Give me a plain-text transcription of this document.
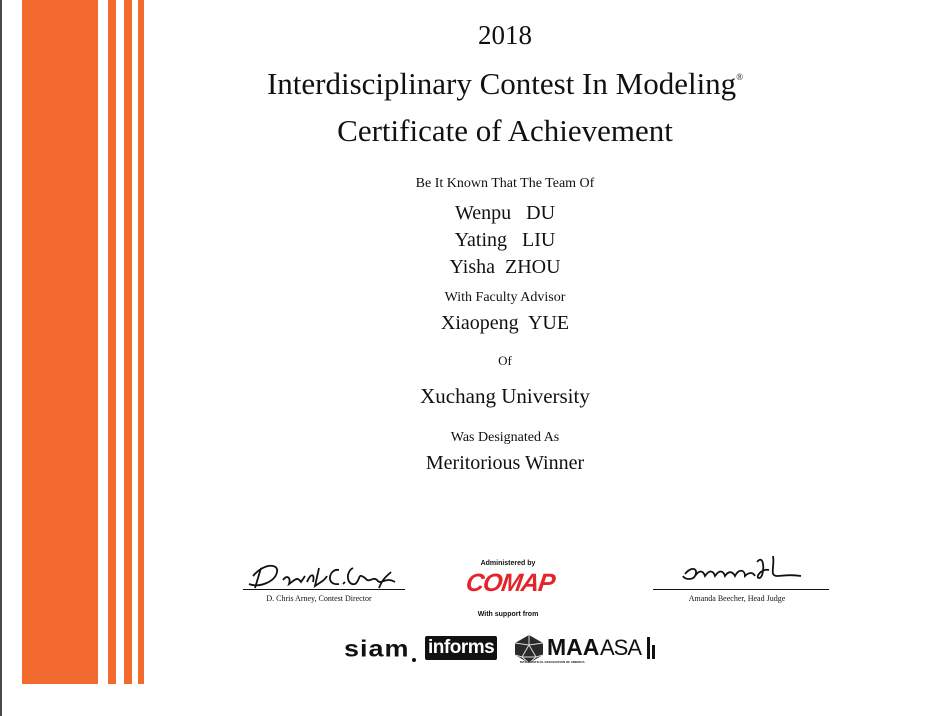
2018
Interdisciplinary Contest In Modeling®
Certificate of Achievement
Be It Known That The Team Of
Wenpu DU
Yating LIU
Yisha ZHOU
With Faculty Advisor
Xiaopeng YUE
Of
Xuchang University
Was Designated As
Meritorious Winner
D. Chris Arney, Contest Director	Amanda Beecher, Head Judge
Administered by
COMAP
With support from
siam informs MAA
MATHEMATICAL ASSOCIATION OF AMERICA
ASA
